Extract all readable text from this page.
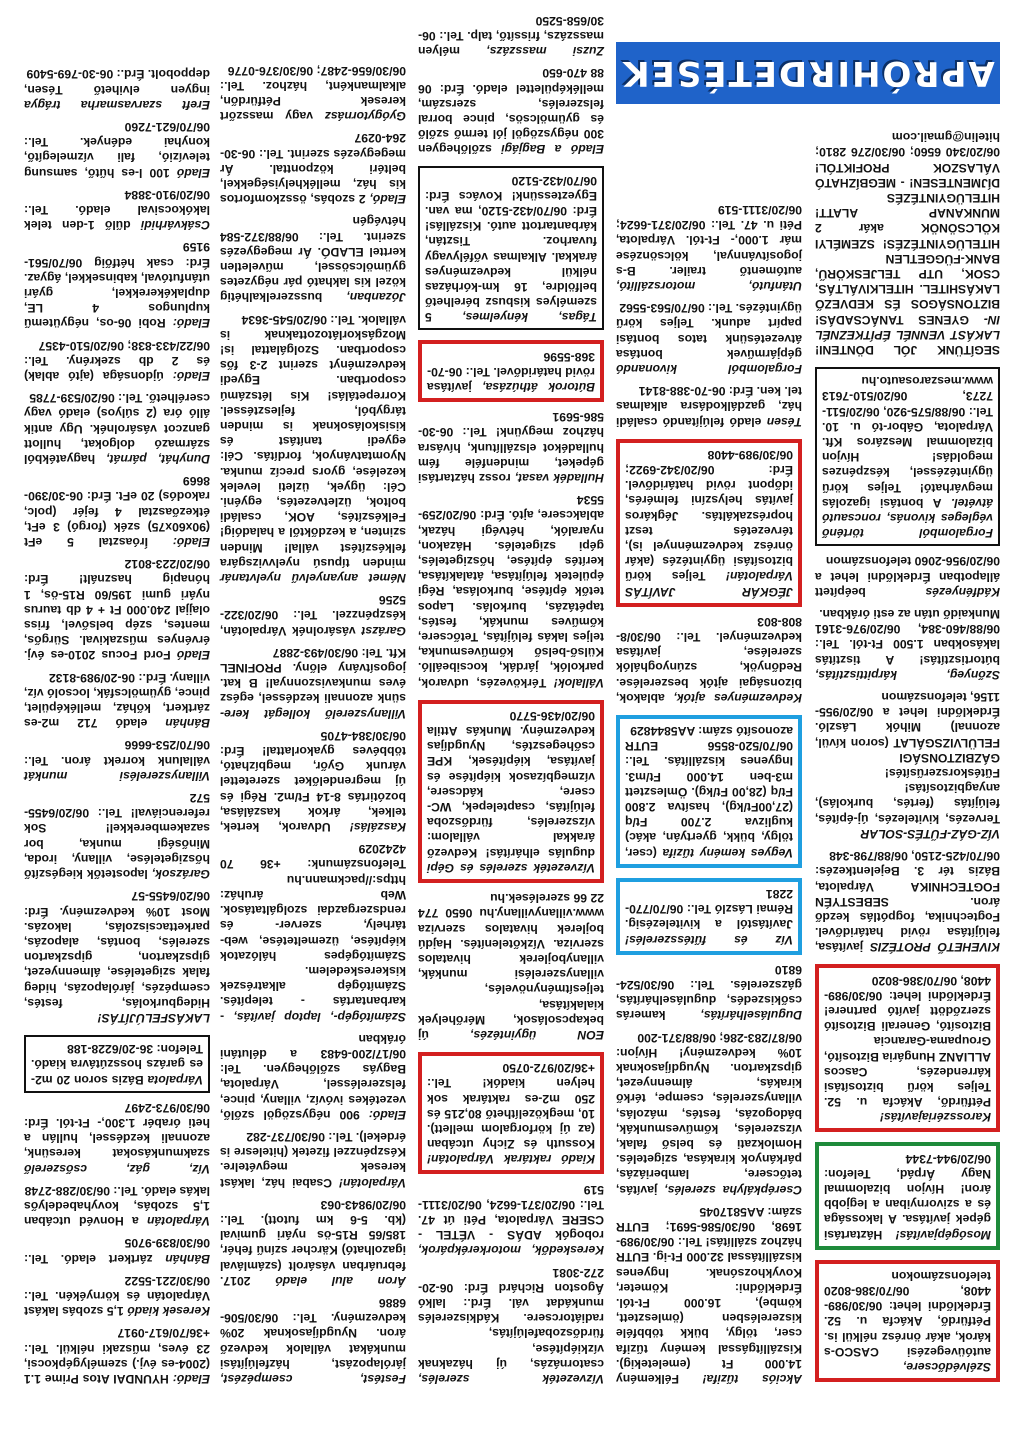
Szélvédőcsere, autóüvegezési CASCO-s károk, akár önrész nélkül is. Pétfürdő, Akácfa u. 52. Érdeklődni lehet: 06/30/989-4408, 06/70/386-8020 telefonszámokon
Mosógépjavítás! Háztartási gépek javítása. A lakossága és a szivornyiban a legjobb áron! Hívjon bizalommal Nagy Árpád, Telefon: 06/20/944-7344
Karosszériajavítás! Pétfürdő, Akácfa u. 52. Teljes körű biztosítási kárrendezés, Cascos ALLIANZ Hungária Biztosító, Groupama-Garancia Biztosító, Generali Biztosító szerződött javító partnere! Érdeklődni lehet: 06/30/989-4408, 06/70/386-8020
KIVEHETŐ PROTÉZIS javítása, felújítása rövid határidővel. Fogtechnika, fogpótlás kezdő áron. SEBESTYÉN FOGTECHNIKA Várpalota, Bázis tér 3. Bejelentkezés: 06/70/425-2150, 06/88/798-348
VÍZ-GÁZ-FŰTÉS-SOLAR Tervezés, kivitelezés, új-építés, felújítás (fertés, burkolás), anyagbiztosítás! Fűtéskorszerűsítés! GÁZBIZTONSÁGI FELÜLVIZSGÁLAT (soron kívül, azonnal) Mihók László. Érdeklődni lehet a 06/20/955-1156, telefonszámon
Szőnyeg, kárpittisztítás, bútortisztítás! A tisztítás lakásokban 1.500 Ft-tól. Tel.: 06/88/460-384, 06/20/976-3161 Munkaidő után az esti órákban.
Kádfényezés beépített állapotban Érdeklődni lehet a 06/20/956-2060 telefonszámon
Forgalomból történő végleges kivonás, roncsautó átvétel. A bontási igazolás megvárható! Teljes körű ügyintézéssel, készpénzes megoldás! Hívjon bizalommal Meszáros Kft. Várpalota, Gábor-tó u. 10. Tel.: 06/88/575-920, 06/20/511-7273, 06/20/510-7613 www.meszarosauto.hu
SEGÍTÜNK JÓL DÖNTENI! LAKÁST VENNÉL ÉPÍTKEZNÉL IN- GYENES TANÁCSADÁS! BIZTONSÁGOS ÉS KEDVEZŐ LAKÁSHITEL. HITELKIVÁLTÁS, CSOK, UTP TELJESKÖRŰ, BANK-FÜGGETLEN HITELÜGYINTÉZÉS! SZEMÉLYI KÖLCSÖNÖK akár 2 MUNKANAP ALATT! HITELÜGYINTÉZÉS DÍJMENTESEN! - MEGBÍZHATÓ VÁLASZOK PROFIKTÓL! 06/20/340 6560; 06/30/276 2810; hitelin@gmail.com
Akciós tűzifa! Félkemény 14.000 Ft (emeletekig). Kiszállítgással kemény tűzifa cser, tölgy, bükk többféle kiszerelésben (ömlesztett, kömbe), 16.000 Ft-tól. Érdeklődni: Kömeter, Kovykhozsónak. Ingyenes kiszállítással 32.000 Ft-ig. EUTR házhoz szállítás! Tel.: 06/30/989-1698, 06/30/586-5691; EUTR szám: AA5817045
Cserépkályha szerelés, javítás, tetőcsere, lamberiázás, párkányok kirakása, szigetelés. Homlokzati és belső falak, vízszerelés, kőművesmunkák, bádogozás, festés, mázolás, villanyszerelés, csempe, térkő kirakás, álmennyezet, gipszkarton. Nyugdíjasoknak 10% kedvezmény! Hívjon: 06/87/283-286; 06/88/371-200
Duguláselhárítás, kamerás csőkiszedés, duguláselhárítás, gázszerelés. Tel.: 06/30/524-6810
Víz és fűtésszerelés! Javítástól a kivitelezésig. Rémai László Tel.: 06/70/770-2281
Vegyes kemény tűzifa (cser, tölgy, bükk, gyertyán, akác) kuglizva 2.700 Ft/q (27,00Ft/kg), hasítva 2.800 Ft/q (28,00 Ft/kg). Ömlesztett m3-ben 14.000 Ft/m3. Ingyenes kiszállítás. Tel.: 06/70/520-8556 EUTR azonosító szám: AA5844829
Kedvezményes ajtók, ablakok, bizonságai ajtók beszerelése. Redőnyök, szúnyoghálók szerelése, javítása kedvezményel. Tel.: 06/30/8-808-803
JÉGKÁR JAVÍTÁS Várpalotán! Teljes körű biztosítási ügyintézés (akár önrész kedvezménnyel is), térvezetés teszt hoprészakáltás. Jégkáros javítás helyszíni felmérés, időpont rövid határidővel. Érd: 06/20/342-6922; 06/30/989-4408
Tésen eladó felújítandó családi ház, gazdálkodásra alkalmas tel. ken. Érd: 06-70-388-8141
Forgalomból kivonandó gépjárművek bontása átvezetésünk tatos bontási papírt adunk. Teljes körű ügyintézés. Tel.: 06/70/563-5562
Utánfutó, motorszállító, autómentő trailer. B-s jogosítvánnyal, kölcsönzése már 1.000,- Ft-tól. Várpalota, Péti u. 47. Tel.: 06/20/371-6624; 06/20/3111-519
Vízvezeték szerelés, csatornázás, új házaknak vízkiépítése, fürdőszobafelújítás, radiátorcsere. Kádkiszerelés munkádat vál. Érd.: lalkó Ágoston Richárd Érd: 06-20-272-3081
Kereskedők, motorkerékpárok, robogók ADÁS - VÉTEL - CSERE Várpalota, Péti út 47. Tel.: 06/20/371-6624, 06/20/3111-519
Kiadó raktárak Várpalotán! Kossuth és Zichy utcában (az új körforgalom mellett). 10, megközelíthető 80,215 és 250 m2-es raktárak sok helyen kiadók! Tel.: +36/20/972-0750
EON ügyintézés, új bekapcsolások, Mérőhelyek kialakítása, teljesítménynövelés, villanyszerelési munkák, villanybojlerek hivatalos szerviza. Vízkőtelenítés. Hajdú bojlerek hivatalos szerviza www.villanyvillany.hu 0650 774 22 66 szerelések.hu
Vízvezeték szerelés és Gépi dugulás elhárítás! Kedvező árakkal vállalom: vízszerelés, fürdőszoba felújítás, csaptelepek, WC-csere, kádcsere, vízmegbízasok kiépítése és javítása, kiépítések, KPE csőhegesztés, Nyugdíjas kedvezmény. Munkás Attila 06/20/436-5770
Vállalok! Térkövezés, udvarok, parkolók, járdák, kocsibeálló. Külső-belső kőművesmunka, teljes lakás felújítás, Tetőcsere, kőműves munkák, festés, tapétázás, burkolás. Lapos tetők építése, burkolása, Régi épületek felújítása, átalakítása, kerítés építése, hőszigetelés, gépi szigetelés. Házakon, nyaralók, hétvégi házak, ablakcsere, ajtó. Érd: 06/20/259-5534
Hulladék vasat, rossz háztartási gépeket, mindenféle fém hulladékot elszállítunk, hívásra házhoz megyünk! Tel.: 06-30-586-5691
Bútorok áthúzása, javítása rövid határidővel. Tel.: 06-70-368-5596
Tágas, kényelmes, 5 személyes kisbusz bérelhető belföldre, 16 km-kórházas nélkül kedvezményes árakkal. Alkalmas vőfélyvagy fuvarhoz. Tisztán, kárbantartott autó. Kiszállás! Érd: 06/70/432-5120, ma van. Egyeztessünk! Kovács Érd: 06/70/432-5120
Eladó a Bagjági szőlőhegyen 300 négyszögöl jól termő szőlő és gyümölcsös, pince borral felszerelés, szerszám, melléképülettel eladó. Érd: 06 88 470-650
Zuzsi masszázs, mélyen masszázs, frissítő, talp. Tel.: 06-30/658-5250
Festést, csempézést, járólapozást, házfelújítási munkákat vállalok kedvező áron. Nyugdíjasoknak 20% kedvezmény. Tel.: 06/30/506-6886
Áron alul eladó 2017. februárban vásárolt (számlával igazolható) Kärcher színű fehér, 185/65 R15-ös nyári gumival (kb. 5-6 km futott). Tel.: 06/20/9843-063
Várpalotán! Csabai ház, lakást keresek megvételre. Készpénzzel fizetek (hitelesre is érdekel). Tel.: 06/30/737-282
Eladó: 900 négyszögöl szőlő, vezetékes ivóvíz, villany, pince, felszereléssel, Várpalota, Bagyás szőlőhegyen. Tel: 06/17/200-6483 a délutáni órákban
Számítógép-, laptop javítás, - karbantartás - telepítés. Számítógép alkatrészek kiskereskedelem. Számítógépes hálózatok kiépítése, üzemeltetése, web-tárhely, szerver- és rendszergazdai szolgáltatások. Web áruház: https://packmann.hu Telefonszámunk: +36 70 4242029
Kaszálás! Udvarok, kertek, telkek, árkok kaszálása, bozótirtás 8-14 Ft/m2. Régi és új megrendelőket szeretettel várunk Győr, megbízható, többéves gyakorlattal! Érd: 06/30/384-4705
Villanyszerelő kollegát kere- sünk azonnali kezdéssel, egész éves munkaviszonnyal! B kat. jogosítvány előny. PROFINEL Kft. Tel: 06/30/493-2887
Garázst vásárolnék Várpalotán, készpénzzel. Tel.: 06/20/322-5256
Német anyanyelvű nyelvtanár minden típusú nyelvvizsgára felkészítést vállal! Minden szinten, a kezdőktől a haladóig! Felkészítés, AOK, családi boltok, üzletvezetés, egyéni. Cél: ügyek, üzleti levelek kezelése, gyors precíz munka. Nyomtatványok, fordítás. Cél: egyedi tanítást és kisiskolásoknak is minden tárgyból, fejlesztéssel. Korrepetálás! Kis létszámú csoportban. Egyedi kedvezményt szerint 2-3 fős csoportban. Szolgálattal is! Mozgáskorlátozottaknak is vállalok. Tel.: 06/20/545-3634
Józanban, busszerelkalhétig közel kis lakható pár négyzetes gyümölcsössel, műveletlen kerttel ELADÓ. Ár megegyezés szerint. Tel.: 06/88/372-584 hétvégén
Eladó, 2 szobás, összkomfortos kis ház, mellékhelyiségekkel, beltéri központtal. Ár megegyezés szerint. Tel.: 06-30-264-0297
Gyógytornász vagy masszőrt keresek Pétfürdőn, alkalmanként, házhoz. Tel.: 06/30/656-2487; 06/30/376-0776
Eladó: HYUNDAI Atos Prime 1.1 (2004-es évj.) személygépkocsi, 23 éves, műszaki nélkül. Tel.: +36/70/617-0917
Keresek kiadó 1,5 szobás lakást Várpalotán és környékén. Tel.: 06/30/221-5522
Bánhán zártkert eladó. Tel.: 06/30/839-9705
Várpalotán a Honvéd utcában 1,5 szobás, kovyhabedelyős lakás eladó. Tel.: 06/30/288-2748
Víz, gáz, csőszerelő szakmunkásokat keresünk, azonnali kezdéssel, hullán a heti órabér 1.300,- Ft-tól. Érd: 06/30/973-2497
Várpalota Bázis soron 20 m2-es garázs hosszútávra kiadó. Telefon: 36-20/6228-188
LAKÁSFELÚJÍTÁS! Hidegburkolás, festés, csempézés, járólapozás, hideg falak szigetelése, álmennyezet, gipszkarton, gipszkarton szerelés, bontás, alapozás, parkettacsiszolás, lakozás. Most 10% kedvezmény. Érd: 06/20/6455-57
Garázsok, lapostetők kiegészítő hőszigetelése, villany, iroda, Minőségi munka, bor sazakemberekkel! Sok referenciával! Tel.: 06/20/6455-572
Villanyszerelési munkát vállalunk korrekt áron. Tel.: 06/70/253-6666
Bánhán eladó 712 m2-es zártkert, kőház, melléképület, pince, gyümölcsfák, locsoló víz, villany. Érd.: 06-20/989-8132
Eladó Ford Focus 2010-es évj. érvényes műszakival. Sürgős, mentes, szép belsővel, friss olajjal 240.000 Ft + 4 db taurus nyári gumi 195/60 R15-ös, 1 hónapig használt! Érd: 06/20/223-8012
Eladó: Íróasztal 5 eFt (90x60x75) szék (forgó) 3 eFt, étkezőasztal 4 fejér (polc, rakodós) 20 eFt. Érd: 06-30/390-8669
Dunyhát, párnát, hagyatékból származó dolgokat, hullott ganzcot vásárolnék. Ugy antik álló óra (2 súlyos) eladó vagy cserélhető. Tel.: 06/20/539-7785
Eladó: újdonsága (ajtó ablak) és 2 db szekrény. Tel.: 06/22/433-838; 06/20/510-4357
Eladó: Robi 06-os, négyütemű kuplungos 4 LE, duplakékerekkel, gyári utánfutóval, kabinsekkel, ágyaz. Érd: csak hétfőig 06/70/561-9159
Csákvárhidi dűlő 1-den telek lakókocsival eladó. Tel.: 06/20/910-3884
Eladó 100 l-es hűtő, samsung televízió, fali vízmelegítő, konyhai edények. Tel.: 06/70/621-7260
Ereft szarvasmarha trágya ingyen elvihető Tésen, deppobolt. Érd.: 06-30-769-5409	APRÓHIRDETÉSEK
